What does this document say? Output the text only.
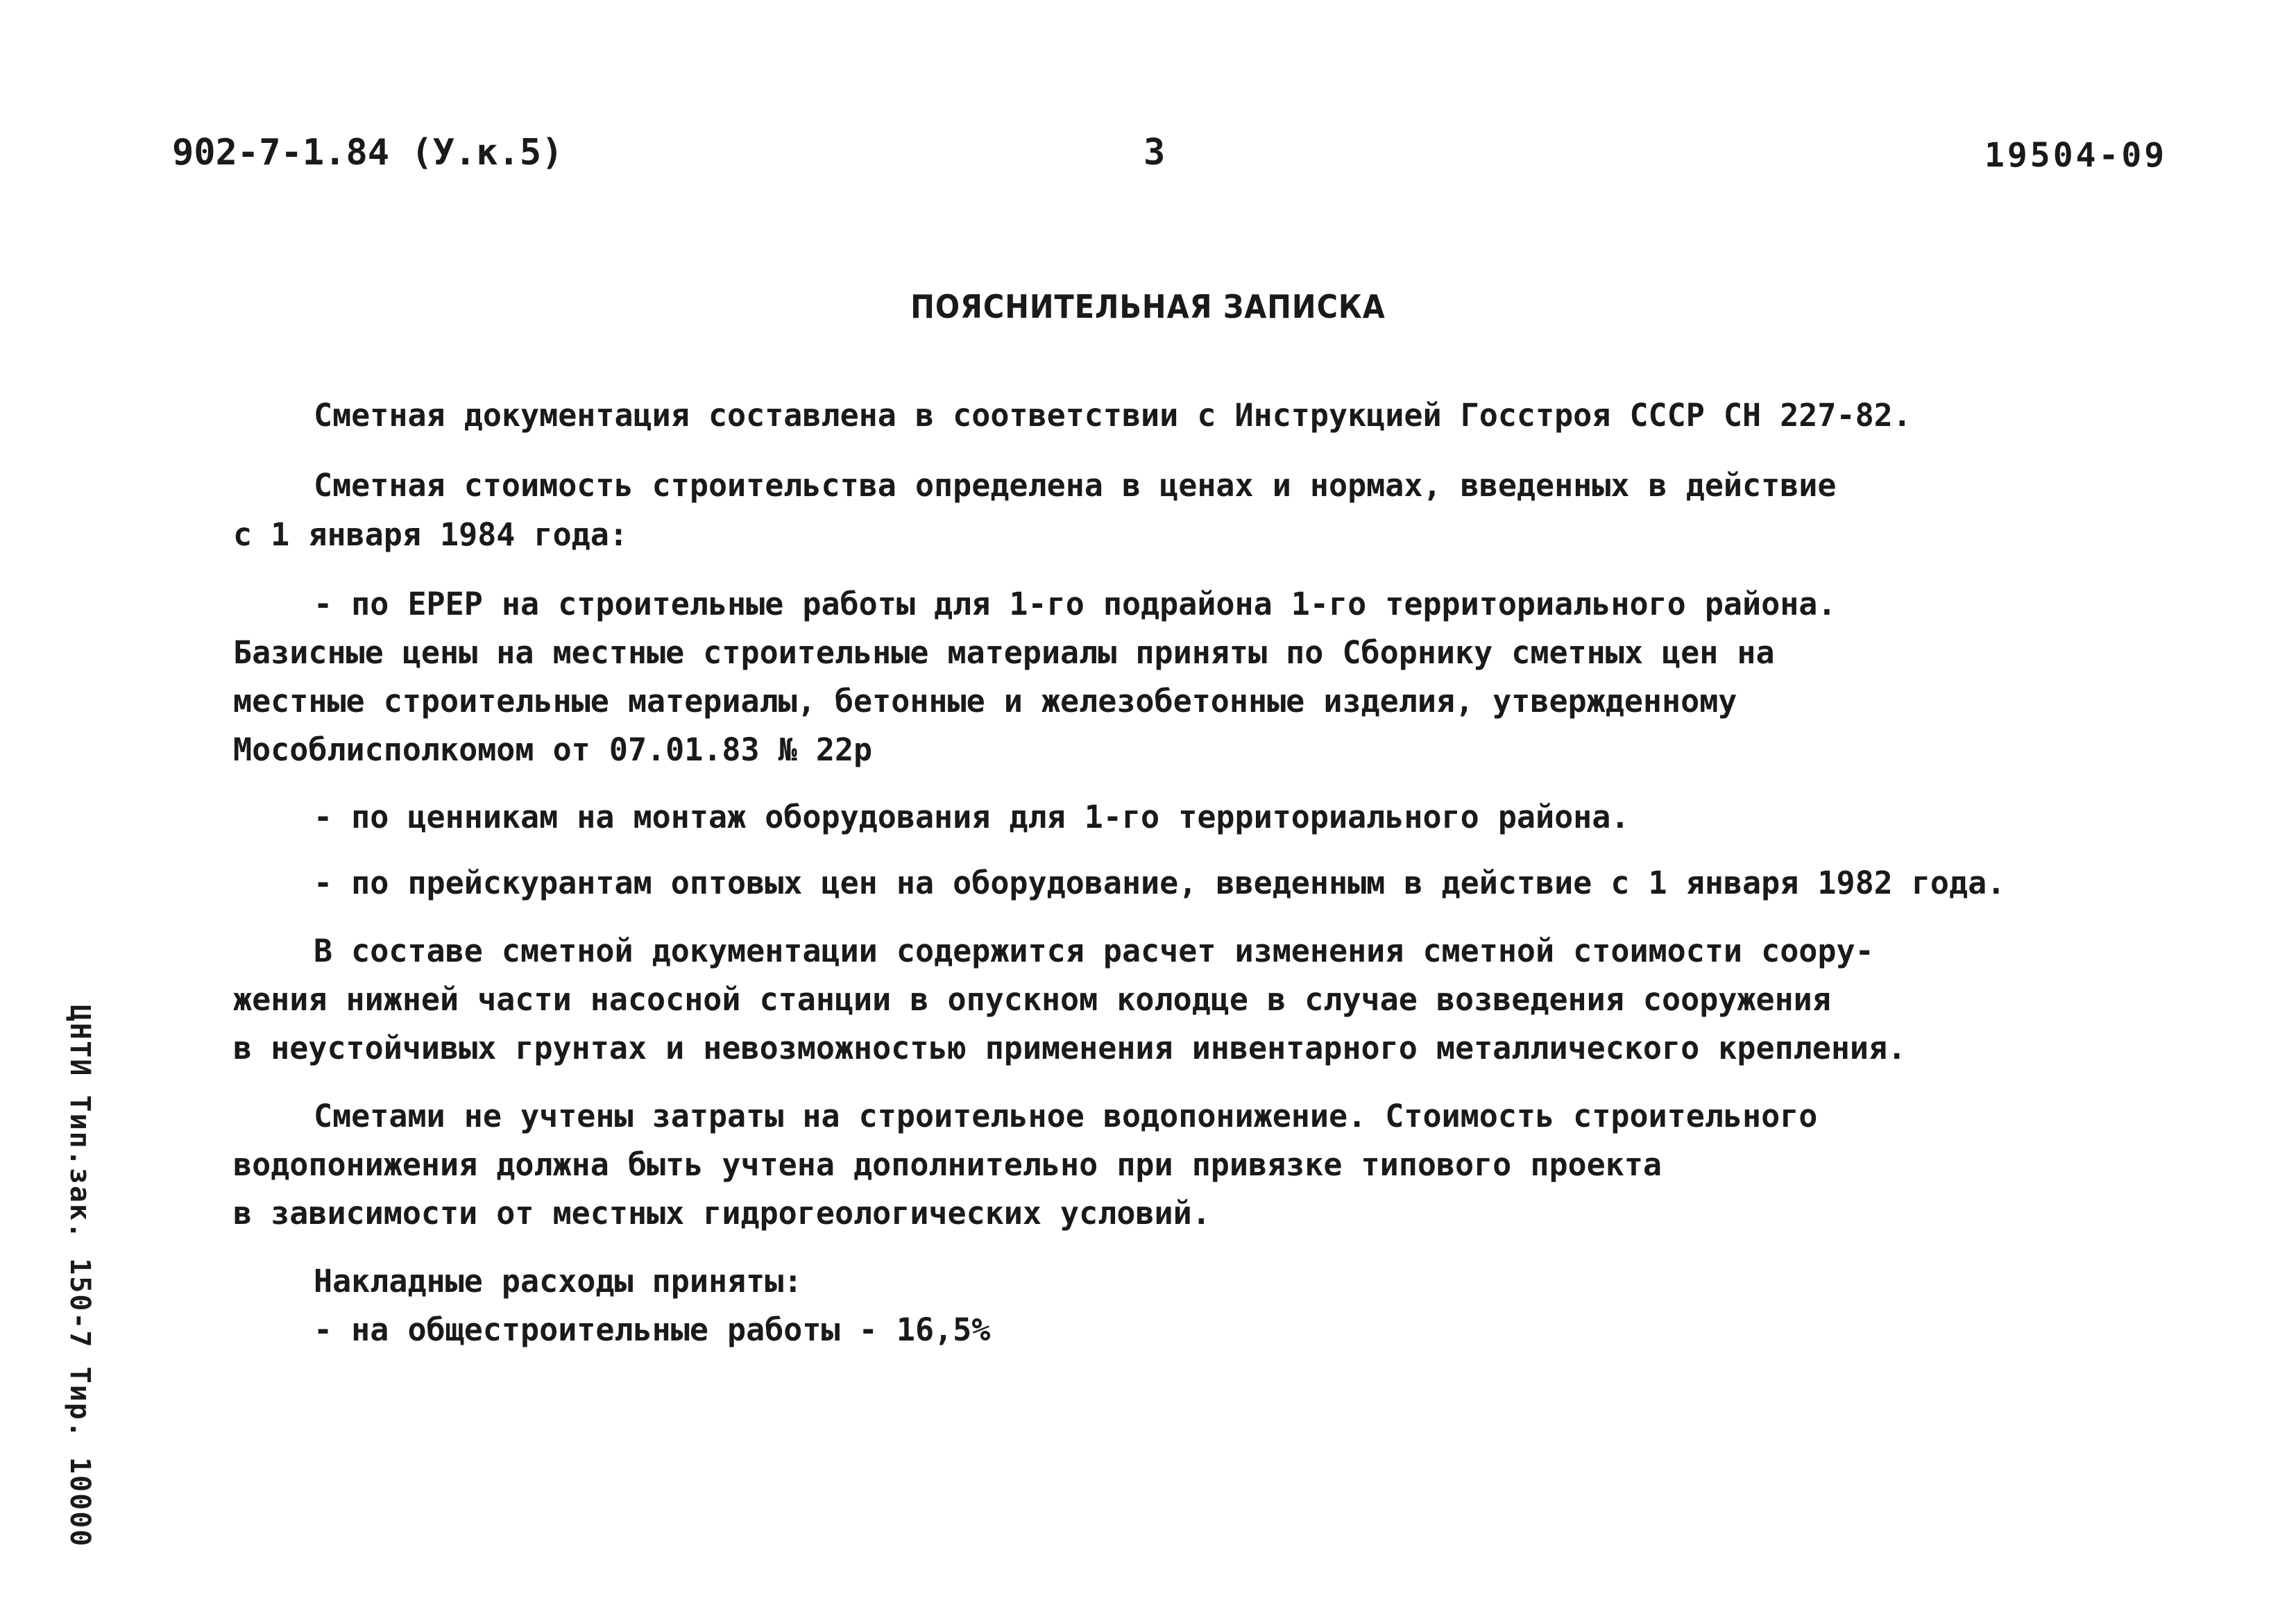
902-7-1.84 (У.к.5)	3	19504-09
ПОЯСНИТЕЛЬНАЯ ЗАПИСКА
Сметная документация составлена в соответствии с Инструкцией Госстроя СССР СН 227-82.
Сметная стоимость строительства определена в ценах и нормах, введенных в действие
с 1 января 1984 года:
- по ЕРЕР на строительные работы для 1-го подрайона 1-го территориального района.
Базисные цены на местные строительные материалы приняты по Сборнику сметных цен на
местные строительные материалы, бетонные и железобетонные изделия, утвержденному
Мособлисполкомом от 07.01.83 № 22р
- по ценникам на монтаж оборудования для 1-го территориального района.
- по прейскурантам оптовых цен на оборудование, введенным в действие с 1 января 1982 года.
В составе сметной документации содержится расчет изменения сметной стоимости соору-
жения нижней части насосной станции в опускном колодце в случае возведения сооружения
в неустойчивых грунтах и невозможностью применения инвентарного металлического крепления.
Сметами не учтены затраты на строительное водопонижение. Стоимость строительного
водопонижения должна быть учтена дополнительно при привязке типового проекта
в зависимости от местных гидрогеологических условий.
Накладные расходы приняты:
- на общестроительные работы - 16,5%
ЦНТИ Тип.зак. 150-7 Тир. 10000
